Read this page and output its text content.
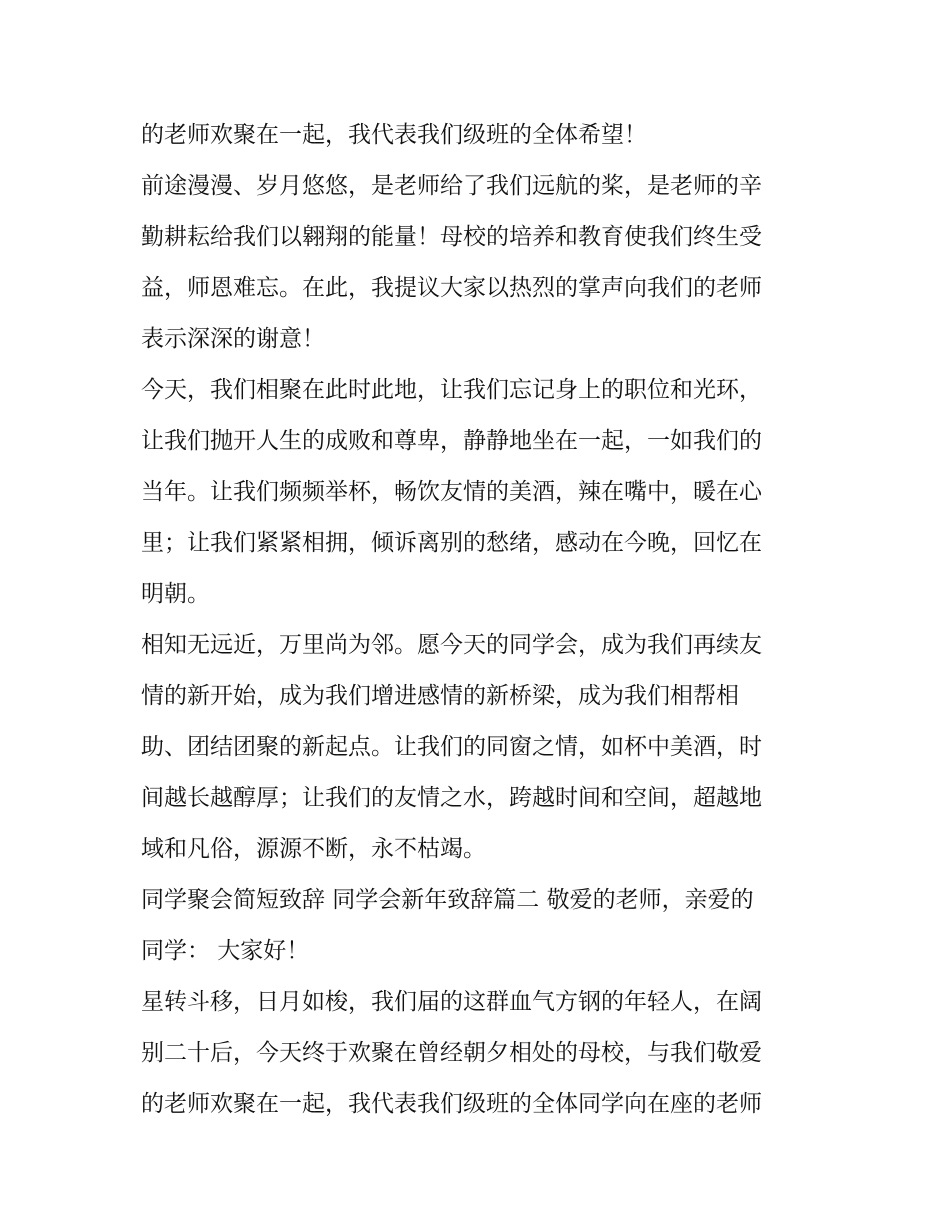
的老师欢聚在一起，我代表我们级班的全体希望！
前途漫漫、岁月悠悠，是老师给了我们远航的桨，是老师的辛
勤耕耘给我们以翱翔的能量！母校的培养和教育使我们终生受
益，师恩难忘。在此，我提议大家以热烈的掌声向我们的老师
表示深深的谢意！
今天，我们相聚在此时此地，让我们忘记身上的职位和光环，
让我们抛开人生的成败和尊卑，静静地坐在一起，一如我们的
当年。让我们频频举杯，畅饮友情的美酒，辣在嘴中，暖在心
里；让我们紧紧相拥，倾诉离别的愁绪，感动在今晚，回忆在
明朝。
相知无远近，万里尚为邻。愿今天的同学会，成为我们再续友
情的新开始，成为我们增进感情的新桥梁，成为我们相帮相
助、团结团聚的新起点。让我们的同窗之情，如杯中美酒，时
间越长越醇厚；让我们的友情之水，跨越时间和空间，超越地
域和凡俗，源源不断，永不枯竭。
同学聚会简短致辞 同学会新年致辞篇二 敬爱的老师，亲爱的
同学： 大家好！
星转斗移，日月如梭，我们届的这群血气方钢的年轻人，在阔
别二十后，今天终于欢聚在曾经朝夕相处的母校，与我们敬爱
的老师欢聚在一起，我代表我们级班的全体同学向在座的老师
